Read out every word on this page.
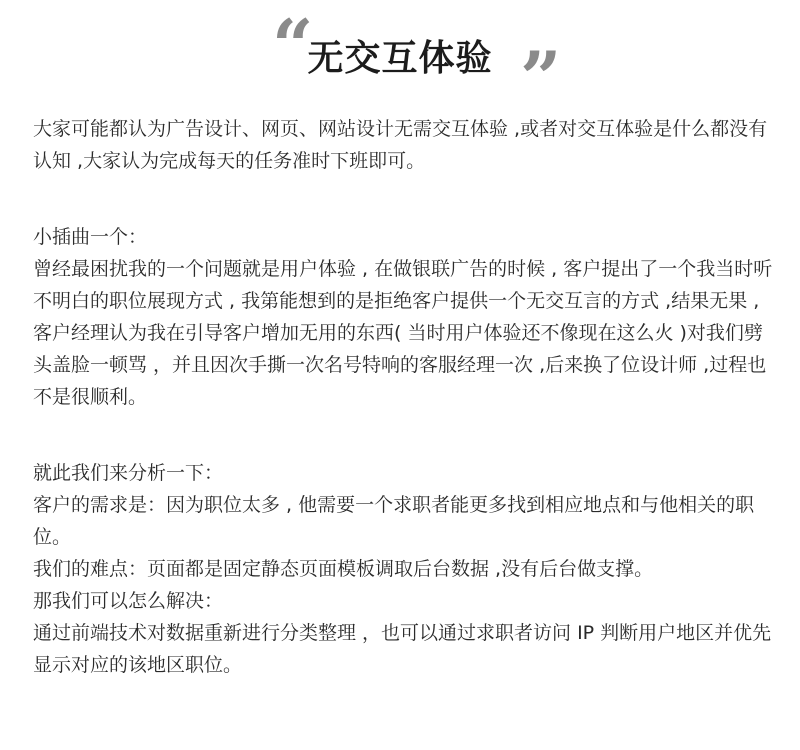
“
无交互体验 ”

大家可能都认为广告设计、网页、网站设计无需交互体验 ,或者对交互体验是什么都没有认知 ,大家认为完成每天的任务准时下班即可。

小插曲一个：

曾经最困扰我的一个问题就是用户体验 , 在做银联广告的时候 , 客户提出了一个我当时听不明白的职位展现方式 , 我第能想到的是拒绝客户提供一个无交互言的方式 ,结果无果 ,客户经理认为我在引导客户增加无用的东西( 当时用户体验还不像现在这么火 )对我们劈头盖脸一顿骂 ，并且因次手撕一次名号特响的客服经理一次 ,后来换了位设计师 ,过程也不是很顺利。

就此我们来分析一下：

客户的需求是：因为职位太多 , 他需要一个求职者能更多找到相应地点和与他相关的职位。

我们的难点：页面都是固定静态页面模板调取后台数据 ,没有后台做支撑。

那我们可以怎么解决：

通过前端技术对数据重新进行分类整理 ，也可以通过求职者访问 IP 判断用户地区并优先显示对应的该地区职位。
